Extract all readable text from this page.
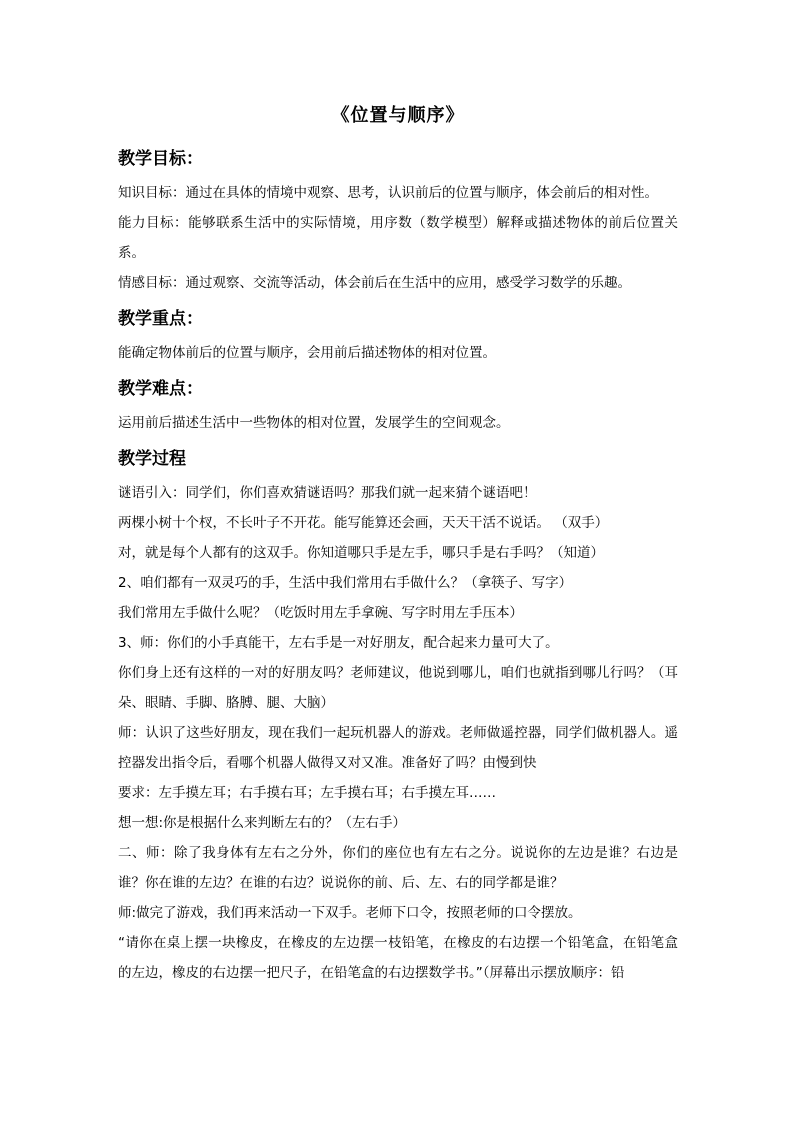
《位置与顺序》
教学目标：

知识目标：通过在具体的情境中观察、思考，认识前后的位置与顺序，体会前后的相对性。

能力目标：能够联系生活中的实际情境，用序数（数学模型）解释或描述物体的前后位置关系。

情感目标：通过观察、交流等活动，体会前后在生活中的应用，感受学习数学的乐趣。

教学重点：

能确定物体前后的位置与顺序，会用前后描述物体的相对位置。

教学难点：

运用前后描述生活中一些物体的相对位置，发展学生的空间观念。

教学过程

谜语引入：同学们，你们喜欢猜谜语吗？那我们就一起来猜个谜语吧！

两棵小树十个杈，不长叶子不开花。能写能算还会画，天天干活不说话。 （双手）

对，就是每个人都有的这双手。你知道哪只手是左手，哪只手是右手吗？（知道）

2、咱们都有一双灵巧的手，生活中我们常用右手做什么？（拿筷子、写字）

我们常用左手做什么呢？（吃饭时用左手拿碗、写字时用左手压本）

3、师：你们的小手真能干，左右手是一对好朋友，配合起来力量可大了。

你们身上还有这样的一对的好朋友吗？老师建议，他说到哪儿，咱们也就指到哪儿行吗？（耳朵、眼睛、手脚、胳膊、腿、大脑）

师：认识了这些好朋友，现在我们一起玩机器人的游戏。老师做遥控器，同学们做机器人。遥控器发出指令后，看哪个机器人做得又对又准。准备好了吗？由慢到快

要求：左手摸左耳；右手摸右耳；左手摸右耳；右手摸左耳……

想一想:你是根据什么来判断左右的？（左右手）

二、师：除了我身体有左右之分外，你们的座位也有左右之分。说说你的左边是谁？右边是谁？你在谁的左边？在谁的右边？说说你的前、后、左、右的同学都是谁？

师:做完了游戏，我们再来活动一下双手。老师下口令，按照老师的口令摆放。

“请你在桌上摆一块橡皮，在橡皮的左边摆一枝铅笔，在橡皮的右边摆一个铅笔盒，在铅笔盒的左边，橡皮的右边摆一把尺子，在铅笔盒的右边摆数学书。”（屏幕出示摆放顺序：铅
